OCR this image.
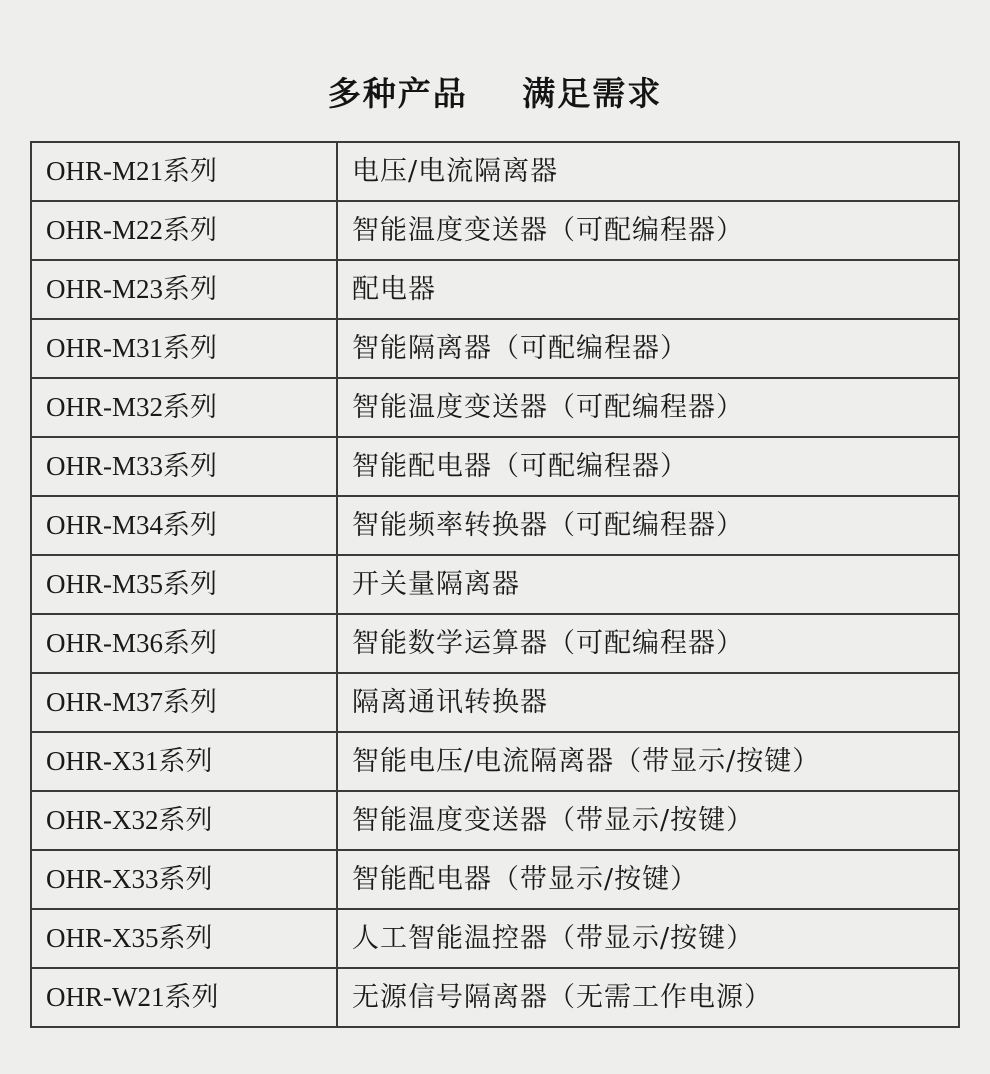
多种产品 满足需求
OHR-M21系列	电压/电流隔离器
OHR-M22系列	智能温度变送器（可配编程器）
OHR-M23系列	配电器
OHR-M31系列	智能隔离器（可配编程器）
OHR-M32系列	智能温度变送器（可配编程器）
OHR-M33系列	智能配电器（可配编程器）
OHR-M34系列	智能频率转换器（可配编程器）
OHR-M35系列	开关量隔离器
OHR-M36系列	智能数学运算器（可配编程器）
OHR-M37系列	隔离通讯转换器
OHR-X31系列	智能电压/电流隔离器（带显示/按键）
OHR-X32系列	智能温度变送器（带显示/按键）
OHR-X33系列	智能配电器（带显示/按键）
OHR-X35系列	人工智能温控器（带显示/按键）
OHR-W21系列	无源信号隔离器（无需工作电源）
